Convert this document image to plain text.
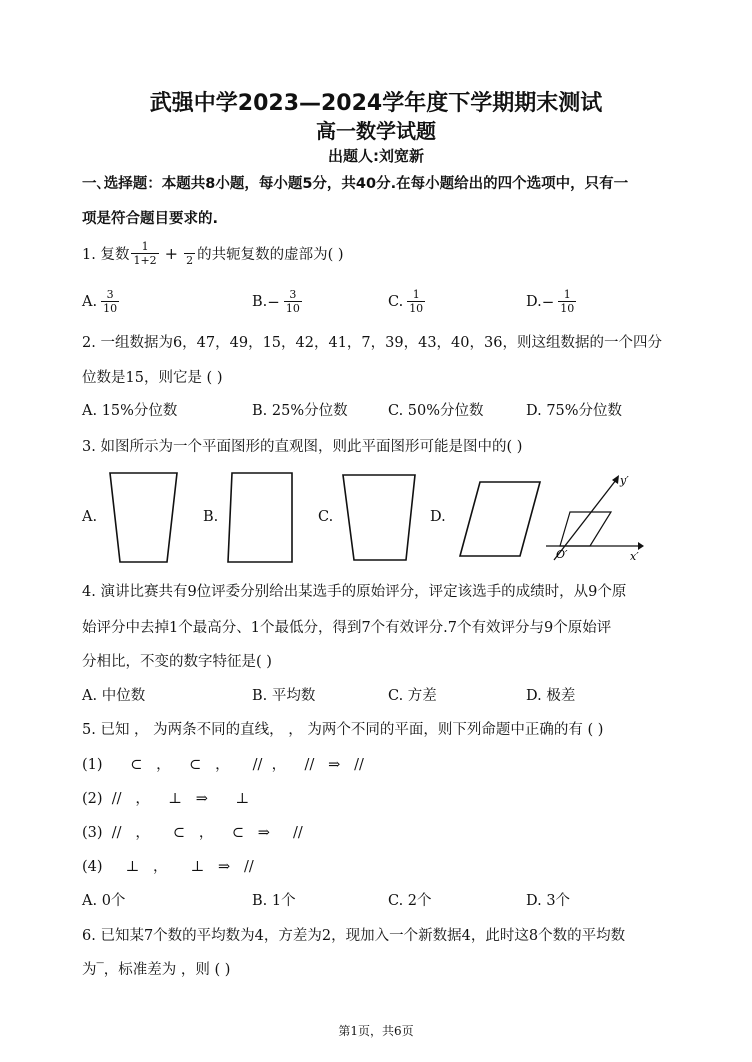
武强中学2023—2024学年度下学期期末测试
高一数学试题
出题人:刘宽新
一､选择题：本题共8小题，每小题5分，共40分.在每小题给出的四个选项中，只有一
项是符合题目要求的.
1. 复数 $\frac{1}{1+2} + 2$ 的共轭复数的虚部为( )
A. $\frac{3}{10}$	B. − $\frac{3}{10}$	C. $\frac{1}{10}$	D. − $\frac{1}{10}$
2. 一组数据为6，47，49，15，42，41，7，39，43，40，36，则这组数据的一个四分
位数是15，则它是 ( )
A. 15%分位数	B. 25%分位数	C. 50%分位数	D. 75%分位数
3. 如图所示为一个平面图形的直观图，则此平面图形可能是图中的( )
A.	B.	C.	D.
y′
x′
O′
4. 演讲比赛共有9位评委分别给出某选手的原始评分，评定该选手的成绩时，从9个原
始评分中去掉1个最高分、1个最低分，得到7个有效评分.7个有效评分与9个原始评
分相比，不变的数字特征是( )
A. 中位数	B. 平均数	C. 方差	D. 极差
5. 已知 ， 为两条不同的直线， ， 为两个不同的平面，则下列命题中正确的有 ( )
(1)      ⊂   ，    ⊂   ，     //  ，    //   ⇒   //
(2)  //   ，    ⊥   ⇒      ⊥
(3)  //   ，     ⊂   ，    ⊂   ⇒     //
(4)     ⊥   ，     ⊥   ⇒   //
A. 0个	B. 1个	C. 2个	D. 3个
6. 已知某7个数的平均数为4，方差为2，现加入一个新数据4，此时这8个数的平均数
为‾，标准差为 ，则 ( )
第1页，共6页
